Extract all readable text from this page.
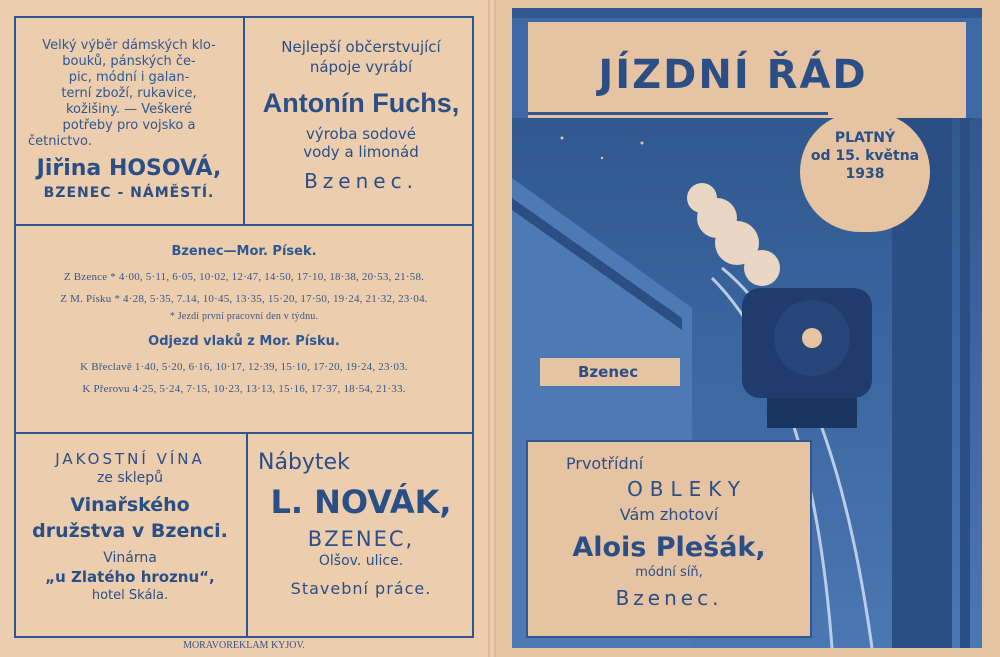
Velký výběr dámských klo-
bouků, pánských če-
pic, módní i galan-
terní zboží, rukavice,
kožišiny. — Veškeré
potřeby pro vojsko a
četnictvo.
Jiřina HOSOVÁ,
BZENEC - NÁMĚSTÍ.
Nejlepší občerstvující
nápoje vyrábí
Antonín Fuchs,
výroba sodové
vody a limonád
Bzenec.
Bzenec—Mor. Písek.
Z Bzence * 4·00, 5·11, 6·05, 10·02, 12·47, 14·50, 17·10, 18·38, 20·53, 21·58.
Z M. Písku * 4·28, 5·35, 7.14, 10·45, 13·35, 15·20, 17·50, 19·24, 21·32, 23·04.
* Jezdí první pracovní den v týdnu.
Odjezd vlaků z Mor. Písku.
K Břeclavě 1·40, 5·20, 6·16, 10·17, 12·39, 15·10, 17·20, 19·24, 23·03.
K Přerovu 4·25, 5·24, 7·15, 10·23, 13·13, 15·16, 17·37, 18·54, 21·33.
JAKOSTNÍ VÍNA
ze sklepů
Vinařského
družstva v Bzenci.
Vinárna
„u Zlatého hroznu“,
hotel Skála.
Nábytek
L. NOVÁK,
BZENEC,
Olšov. ulice.
Stavební práce.
MORAVOREKLAM KYJOV.
JÍZDNÍ ŘÁD
PLATNÝ
od 15. května
1938
Bzenec
Prvotřídní
OBLEKY
Vám zhotoví
Alois Plešák,
módní síň,
Bzenec.
